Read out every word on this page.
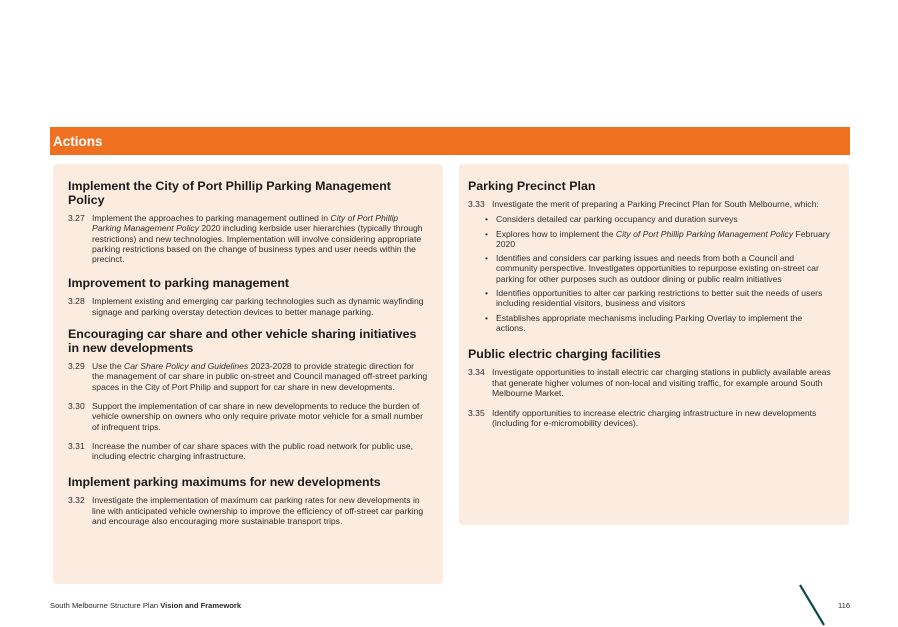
Actions
Implement the City of Port Phillip Parking Management Policy
3.27 Implement the approaches to parking management outlined in City of Port Phillip Parking Management Policy 2020 including kerbside user hierarchies (typically through restrictions) and new technologies. Implementation will involve considering appropriate parking restrictions based on the change of business types and user needs within the precinct.
Improvement to parking management
3.28 Implement existing and emerging car parking technologies such as dynamic wayfinding signage and parking overstay detection devices to better manage parking.
Encouraging car share and other vehicle sharing initiatives in new developments
3.29 Use the Car Share Policy and Guidelines 2023-2028 to provide strategic direction for the management of car share in public on-street and Council managed off-street parking spaces in the City of Port Philip and support for car share in new developments.
3.30 Support the implementation of car share in new developments to reduce the burden of vehicle ownership on owners who only require private motor vehicle for a small number of infrequent trips.
3.31 Increase the number of car share spaces with the public road network for public use, including electric charging infrastructure.
Implement parking maximums for new developments
3.32 Investigate the implementation of maximum car parking rates for new developments in line with anticipated vehicle ownership to improve the efficiency of off-street car parking and encourage also encouraging more sustainable transport trips.
Parking Precinct Plan
3.33 Investigate the merit of preparing a Parking Precinct Plan for South Melbourne, which:
• Considers detailed car parking occupancy and duration surveys
• Explores how to implement the City of Port Phillip Parking Management Policy February 2020
• Identifies and considers car parking issues and needs from both a Council and community perspective. Investigates opportunities to repurpose existing on-street car parking for other purposes such as outdoor dining or public realm initiatives
• Identifies opportunities to alter car parking restrictions to better suit the needs of users including residential visitors, business and visitors
• Establishes appropriate mechanisms including Parking Overlay to implement the actions.
Public electric charging facilities
3.34 Investigate opportunities to install electric car charging stations in publicly available areas that generate higher volumes of non-local and visiting traffic, for example around South Melbourne Market.
3.35 Identify opportunities to increase electric charging infrastructure in new developments (including for e-micromobility devices).
South Melbourne Structure Plan Vision and Framework	116
